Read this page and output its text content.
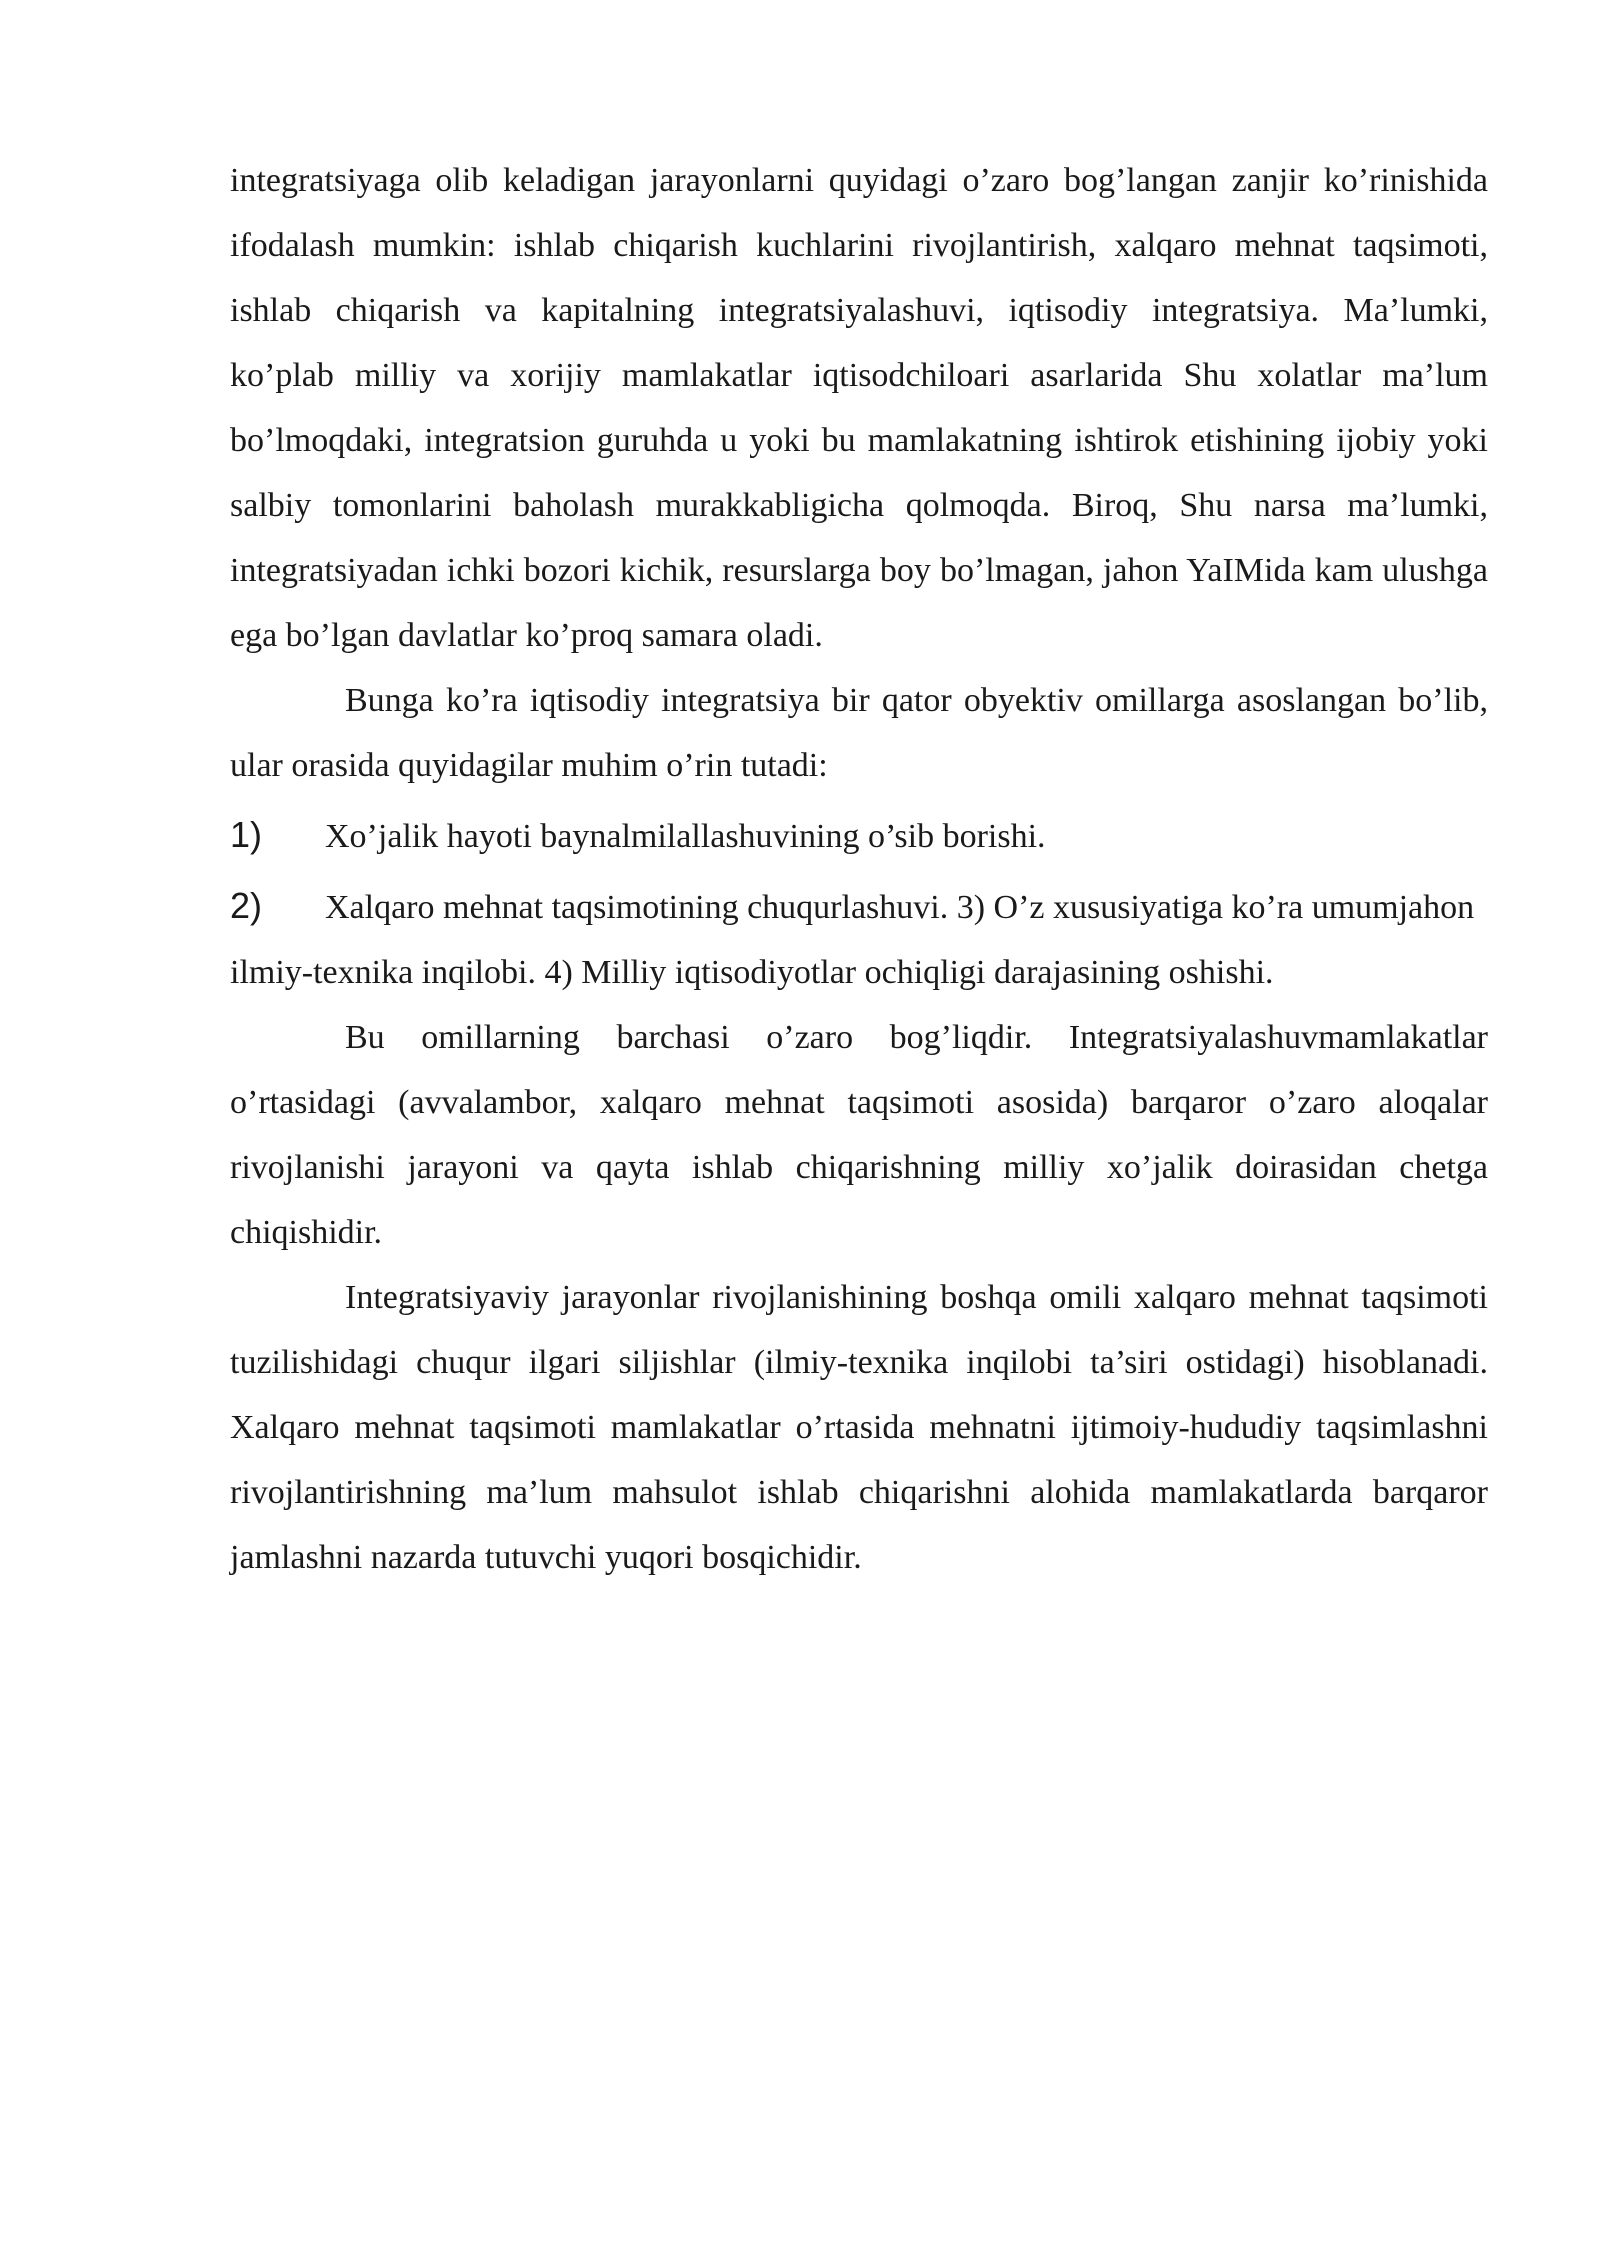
integratsiyaga olib keladigan jarayonlarni quyidagi o’zaro bog’langan zanjir ko’rinishida ifodalash mumkin: ishlab chiqarish kuchlarini rivojlantirish, xalqaro mehnat taqsimoti, ishlab chiqarish va kapitalning integratsiyalashuvi, iqtisodiy integratsiya. Ma’lumki, ko’plab milliy va xorijiy mamlakatlar iqtisodchiloari asarlarida Shu xolatlar ma’lum bo’lmoqdaki, integratsion guruhda u yoki bu mamlakatning ishtirok etishining ijobiy yoki salbiy tomonlarini baholash murakkabligicha qolmoqda. Biroq, Shu narsa ma’lumki, integratsiyadan ichki bozori kichik, resurslarga boy bo’lmagan, jahon YaIMida kam ulushga ega bo’lgan davlatlar ko’proq samara oladi.

Bunga ko’ra iqtisodiy integratsiya bir qator obyektiv omillarga asoslangan bo’lib, ular orasida quyidagilar muhim o’rin tutadi:

1)	Xo’jalik hayoti baynalmilallashuvining o’sib borishi.

2) Xalqaro mehnat taqsimotining chuqurlashuvi. 3) O’z xususiyatiga ko’ra umumjahon ilmiy-texnika inqilobi. 4) Milliy iqtisodiyotlar ochiqligi darajasining oshishi.

Bu omillarning barchasi o’zaro bog’liqdir. Integratsiyalashuvmamlakatlar o’rtasidagi (avvalambor, xalqaro mehnat taqsimoti asosida) barqaror o’zaro aloqalar rivojlanishi jarayoni va qayta ishlab chiqarishning milliy xo’jalik doirasidan chetga chiqishidir.

Integratsiyaviy jarayonlar rivojlanishining boshqa omili xalqaro mehnat taqsimoti tuzilishidagi chuqur ilgari siljishlar (ilmiy-texnika inqilobi ta’siri ostidagi) hisoblanadi. Xalqaro mehnat taqsimoti mamlakatlar o’rtasida mehnatni ijtimoiy-hududiy taqsimlashni rivojlantirishning ma’lum mahsulot ishlab chiqarishni alohida mamlakatlarda barqaror jamlashni nazarda tutuvchi yuqori bosqichidir.
